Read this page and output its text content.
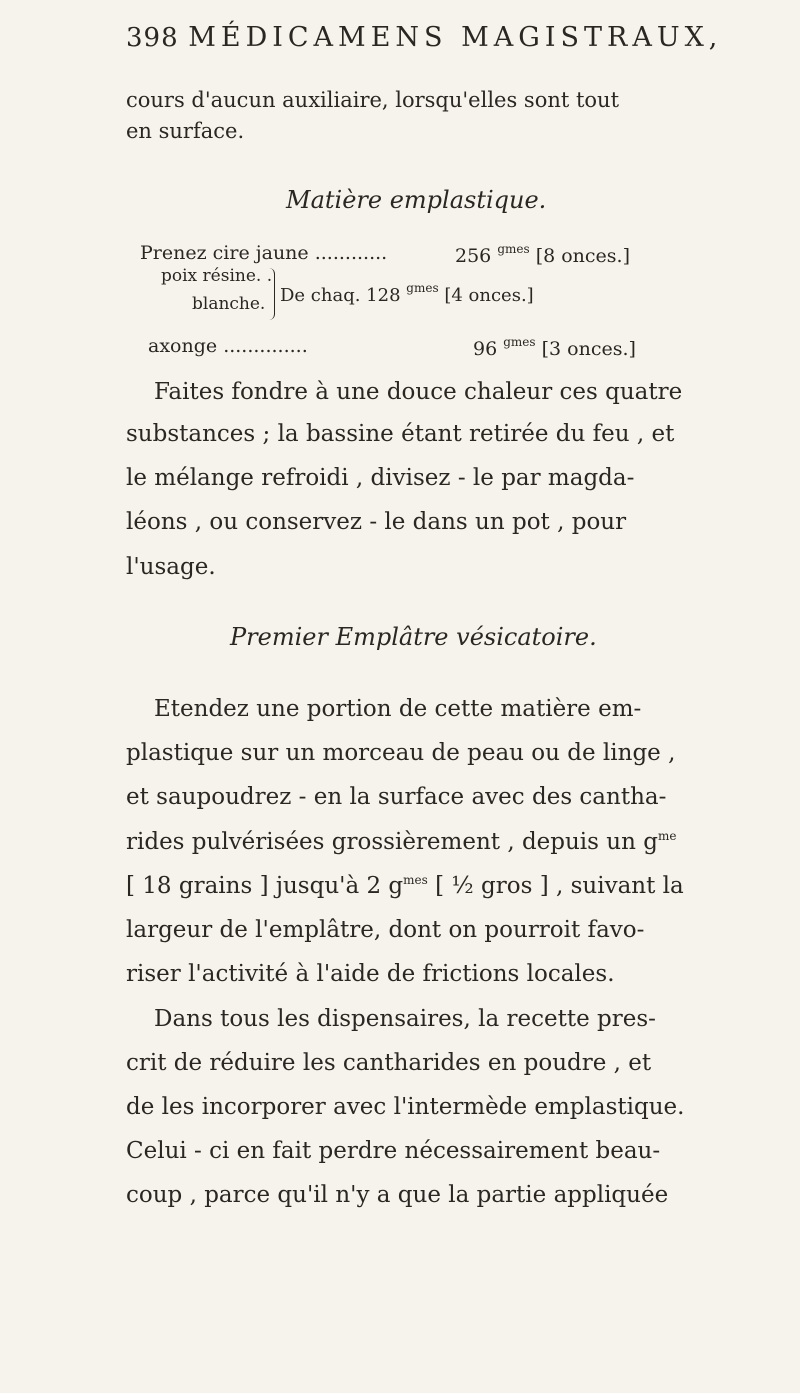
398 MÉDICAMENS MAGISTRAUX,
cours d'aucun auxiliaire, lorsqu'elles sont tout
en surface.
Matière emplastique.
Prenez cire jaune ............	256 $^{gmes}$ [8 onces.]
poix résine. .
blanche. De chaq. 128 $^{gmes}$ [4 onces.]
axonge ..............	96 $^{gmes}$ [3 onces.]
Faites fondre à une douce chaleur ces quatre
substances ; la bassine étant retirée du feu , et
le mélange refroidi , divisez - le par magda-
léons , ou conservez - le dans un pot , pour
l'usage.
Premier Emplâtre vésicatoire.
Etendez une portion de cette matière em-
plastique sur un morceau de peau ou de linge ,
et saupoudrez - en la surface avec des cantha-
rides pulvérisées grossièrement , depuis un $g^{me}$
[ 18 grains ] jusqu'à 2 $g^{mes}$ [ ½ gros ] , suivant la
largeur de l'emplâtre, dont on pourroit favo-
riser l'activité à l'aide de frictions locales.
Dans tous les dispensaires, la recette pres-
crit de réduire les cantharides en poudre , et
de les incorporer avec l'intermède emplastique.
Celui - ci en fait perdre nécessairement beau-
coup , parce qu'il n'y a que la partie appliquée
